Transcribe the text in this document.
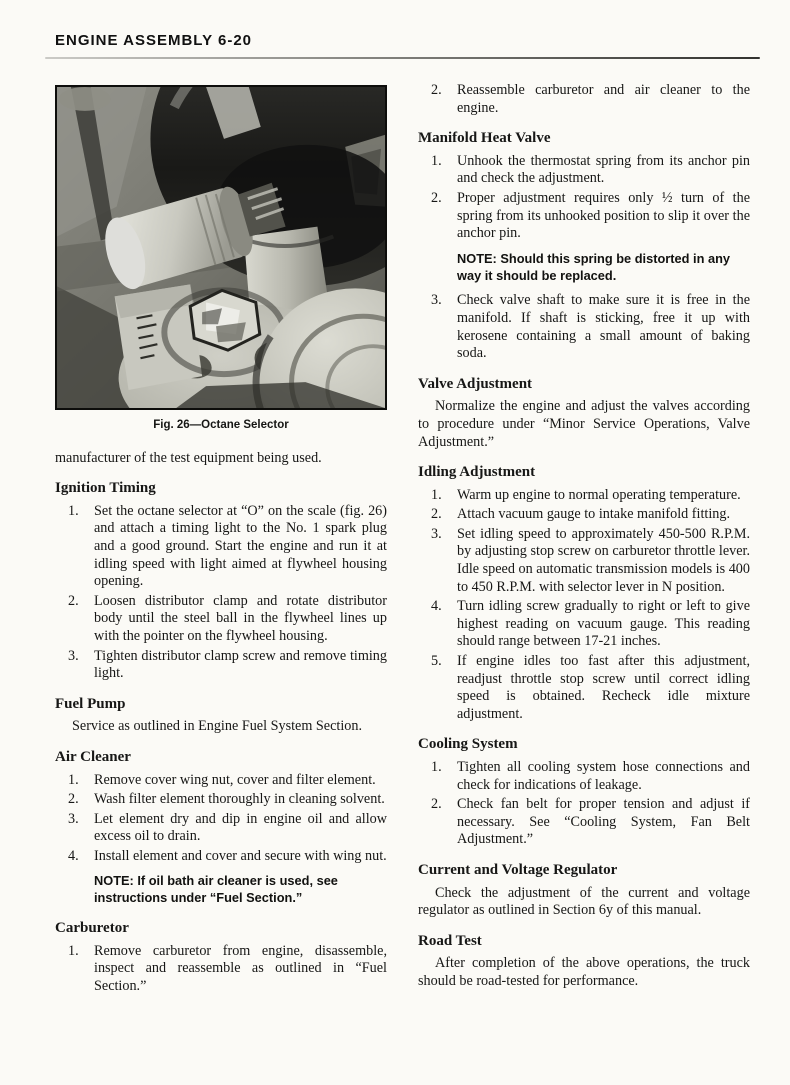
ENGINE ASSEMBLY 6-20
Fig. 26—Octane Selector

manufacturer of the test equipment being used.

Ignition Timing
1. Set the octane selector at “O” on the scale (fig. 26) and attach a timing light to the No. 1 spark plug and a good ground. Start the engine and run it at idling speed with light aimed at flywheel housing opening.
2. Loosen distributor clamp and rotate distributor body until the steel ball in the flywheel lines up with the pointer on the flywheel housing.
3. Tighten distributor clamp screw and remove timing light.
Fuel Pump

Service as outlined in Engine Fuel System Section.

Air Cleaner
1. Remove cover wing nut, cover and filter element.
2. Wash filter element thoroughly in cleaning solvent.
3. Let element dry and dip in engine oil and allow excess oil to drain.
4. Install element and cover and secure with wing nut.

NOTE: If oil bath air cleaner is used, see instructions under “Fuel Section.”

Carburetor
1. Remove carburetor from engine, disassemble, inspect and reassemble as outlined in “Fuel Section.”
2. Reassemble carburetor and air cleaner to the engine.
Manifold Heat Valve
1. Unhook the thermostat spring from its anchor pin and check the adjustment.
2. Proper adjustment requires only ½ turn of the spring from its unhooked position to slip it over the anchor pin.

NOTE: Should this spring be distorted in any way it should be replaced.

3. Check valve shaft to make sure it is free in the manifold. If shaft is sticking, free it up with kerosene containing a small amount of baking soda.
Valve Adjustment

Normalize the engine and adjust the valves according to procedure under “Minor Service Operations, Valve Adjustment.”

Idling Adjustment
1. Warm up engine to normal operating temperature.
2. Attach vacuum gauge to intake manifold fitting.
3. Set idling speed to approximately 450-500 R.P.M. by adjusting stop screw on carburetor throttle lever. Idle speed on automatic transmission models is 400 to 450 R.P.M. with selector lever in N position.
4. Turn idling screw gradually to right or left to give highest reading on vacuum gauge. This reading should range between 17-21 inches.
5. If engine idles too fast after this adjustment, readjust throttle stop screw until correct idling speed is obtained. Recheck idle mixture adjustment.
Cooling System
1. Tighten all cooling system hose connections and check for indications of leakage.
2. Check fan belt for proper tension and adjust if necessary. See “Cooling System, Fan Belt Adjustment.”
Current and Voltage Regulator

Check the adjustment of the current and voltage regulator as outlined in Section 6y of this manual.

Road Test

After completion of the above operations, the truck should be road-tested for performance.
